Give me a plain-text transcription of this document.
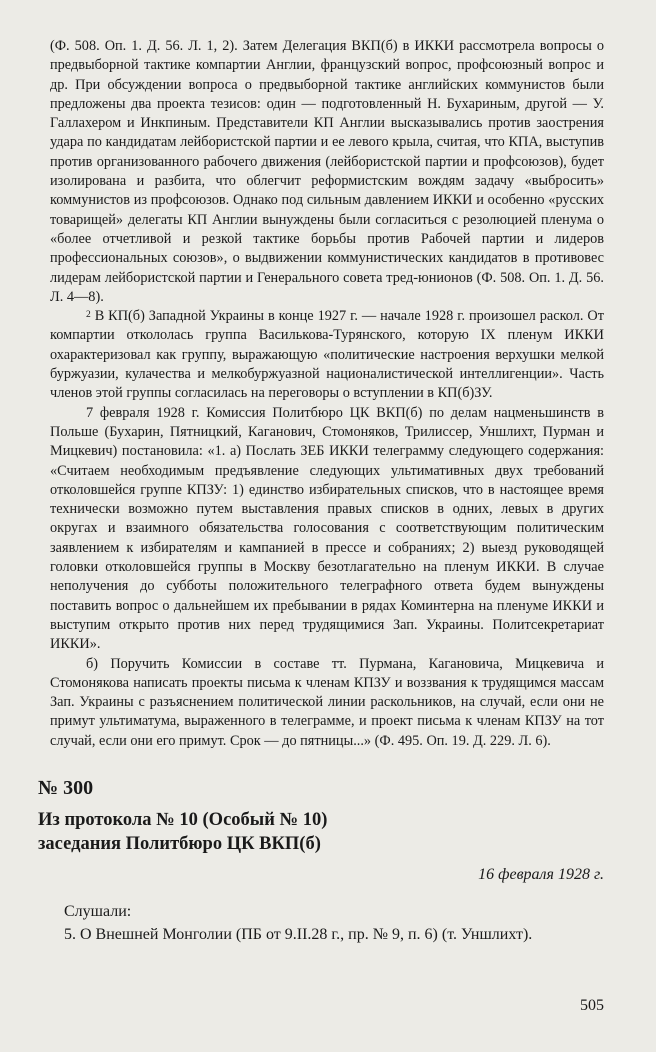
(Ф. 508. Оп. 1. Д. 56. Л. 1, 2). Затем Делегация ВКП(б) в ИККИ рассмотрела вопросы о предвыборной тактике компартии Англии, французский вопрос, профсоюзный вопрос и др. При обсуждении вопроса о предвыборной тактике английских коммунистов были предложены два проекта тезисов: один — подготовленный Н. Бухариным, другой — У. Галлахером и Инкпиным. Представители КП Англии высказывались против заострения удара по кандидатам лейбористской партии и ее левого крыла, считая, что КПА, выступив против организованного рабочего движения (лейбористской партии и профсоюзов), будет изолирована и разбита, что облегчит реформистским вождям задачу «выбросить» коммунистов из профсоюзов. Однако под сильным давлением ИККИ и особенно «русских товарищей» делегаты КП Англии вынуждены были согласиться с резолюцией пленума о «более отчетливой и резкой тактике борьбы против Рабочей партии и лидеров профессиональных союзов», о выдвижении коммунистических кандидатов в противовес лидерам лейбористской партии и Генерального совета тред-юнионов (Ф. 508. Оп. 1. Д. 56. Л. 4—8).

$^2$ В КП(б) Западной Украины в конце 1927 г. — начале 1928 г. произошел раскол. От компартии откололась группа Василькова-Турянского, которую IX пленум ИККИ охарактеризовал как группу, выражающую «политические настроения верхушки мелкой буржуазии, кулачества и мелкобуржуазной националистической интеллигенции». Часть членов этой группы согласилась на переговоры о вступлении в КП(б)ЗУ.

7 февраля 1928 г. Комиссия Политбюро ЦК ВКП(б) по делам нацменьшинств в Польше (Бухарин, Пятницкий, Каганович, Стомоняков, Трилиссер, Уншлихт, Пурман и Мицкевич) постановила: «1. а) Послать ЗЕБ ИККИ телеграмму следующего содержания: «Считаем необходимым предъявление следующих ультимативных двух требований отколовшейся группе КПЗУ: 1) единство избирательных списков, что в настоящее время технически возможно путем выставления правых списков в одних, левых в других округах и взаимного обязательства голосования с соответствующим политическим заявлением к избирателям и кампанией в прессе и собраниях; 2) выезд руководящей головки отколовшейся группы в Москву безотлагательно на пленум ИККИ. В случае неполучения до субботы положительного телеграфного ответа будем вынуждены поставить вопрос о дальнейшем их пребывании в рядах Коминтерна на пленуме ИККИ и выступим открыто против них перед трудящимися Зап. Украины. Политсекретариат ИККИ».

б) Поручить Комиссии в составе тт. Пурмана, Кагановича, Мицкевича и Стомонякова написать проекты письма к членам КПЗУ и воззвания к трудящимся массам Зап. Украины с разъяснением политической линии раскольников, на случай, если они не примут ультиматума, выраженного в телеграмме, и проект письма к членам КПЗУ на тот случай, если они его примут. Срок — до пятницы...» (Ф. 495. Оп. 19. Д. 229. Л. 6).

№ 300
Из протокола № 10 (Особый № 10)
заседания Политбюро ЦК ВКП(б)
16 февраля 1928 г.
Слушали:
5. О Внешней Монголии (ПБ от 9.II.28 г., пр. № 9, п. 6) (т. Уншлихт).
505
